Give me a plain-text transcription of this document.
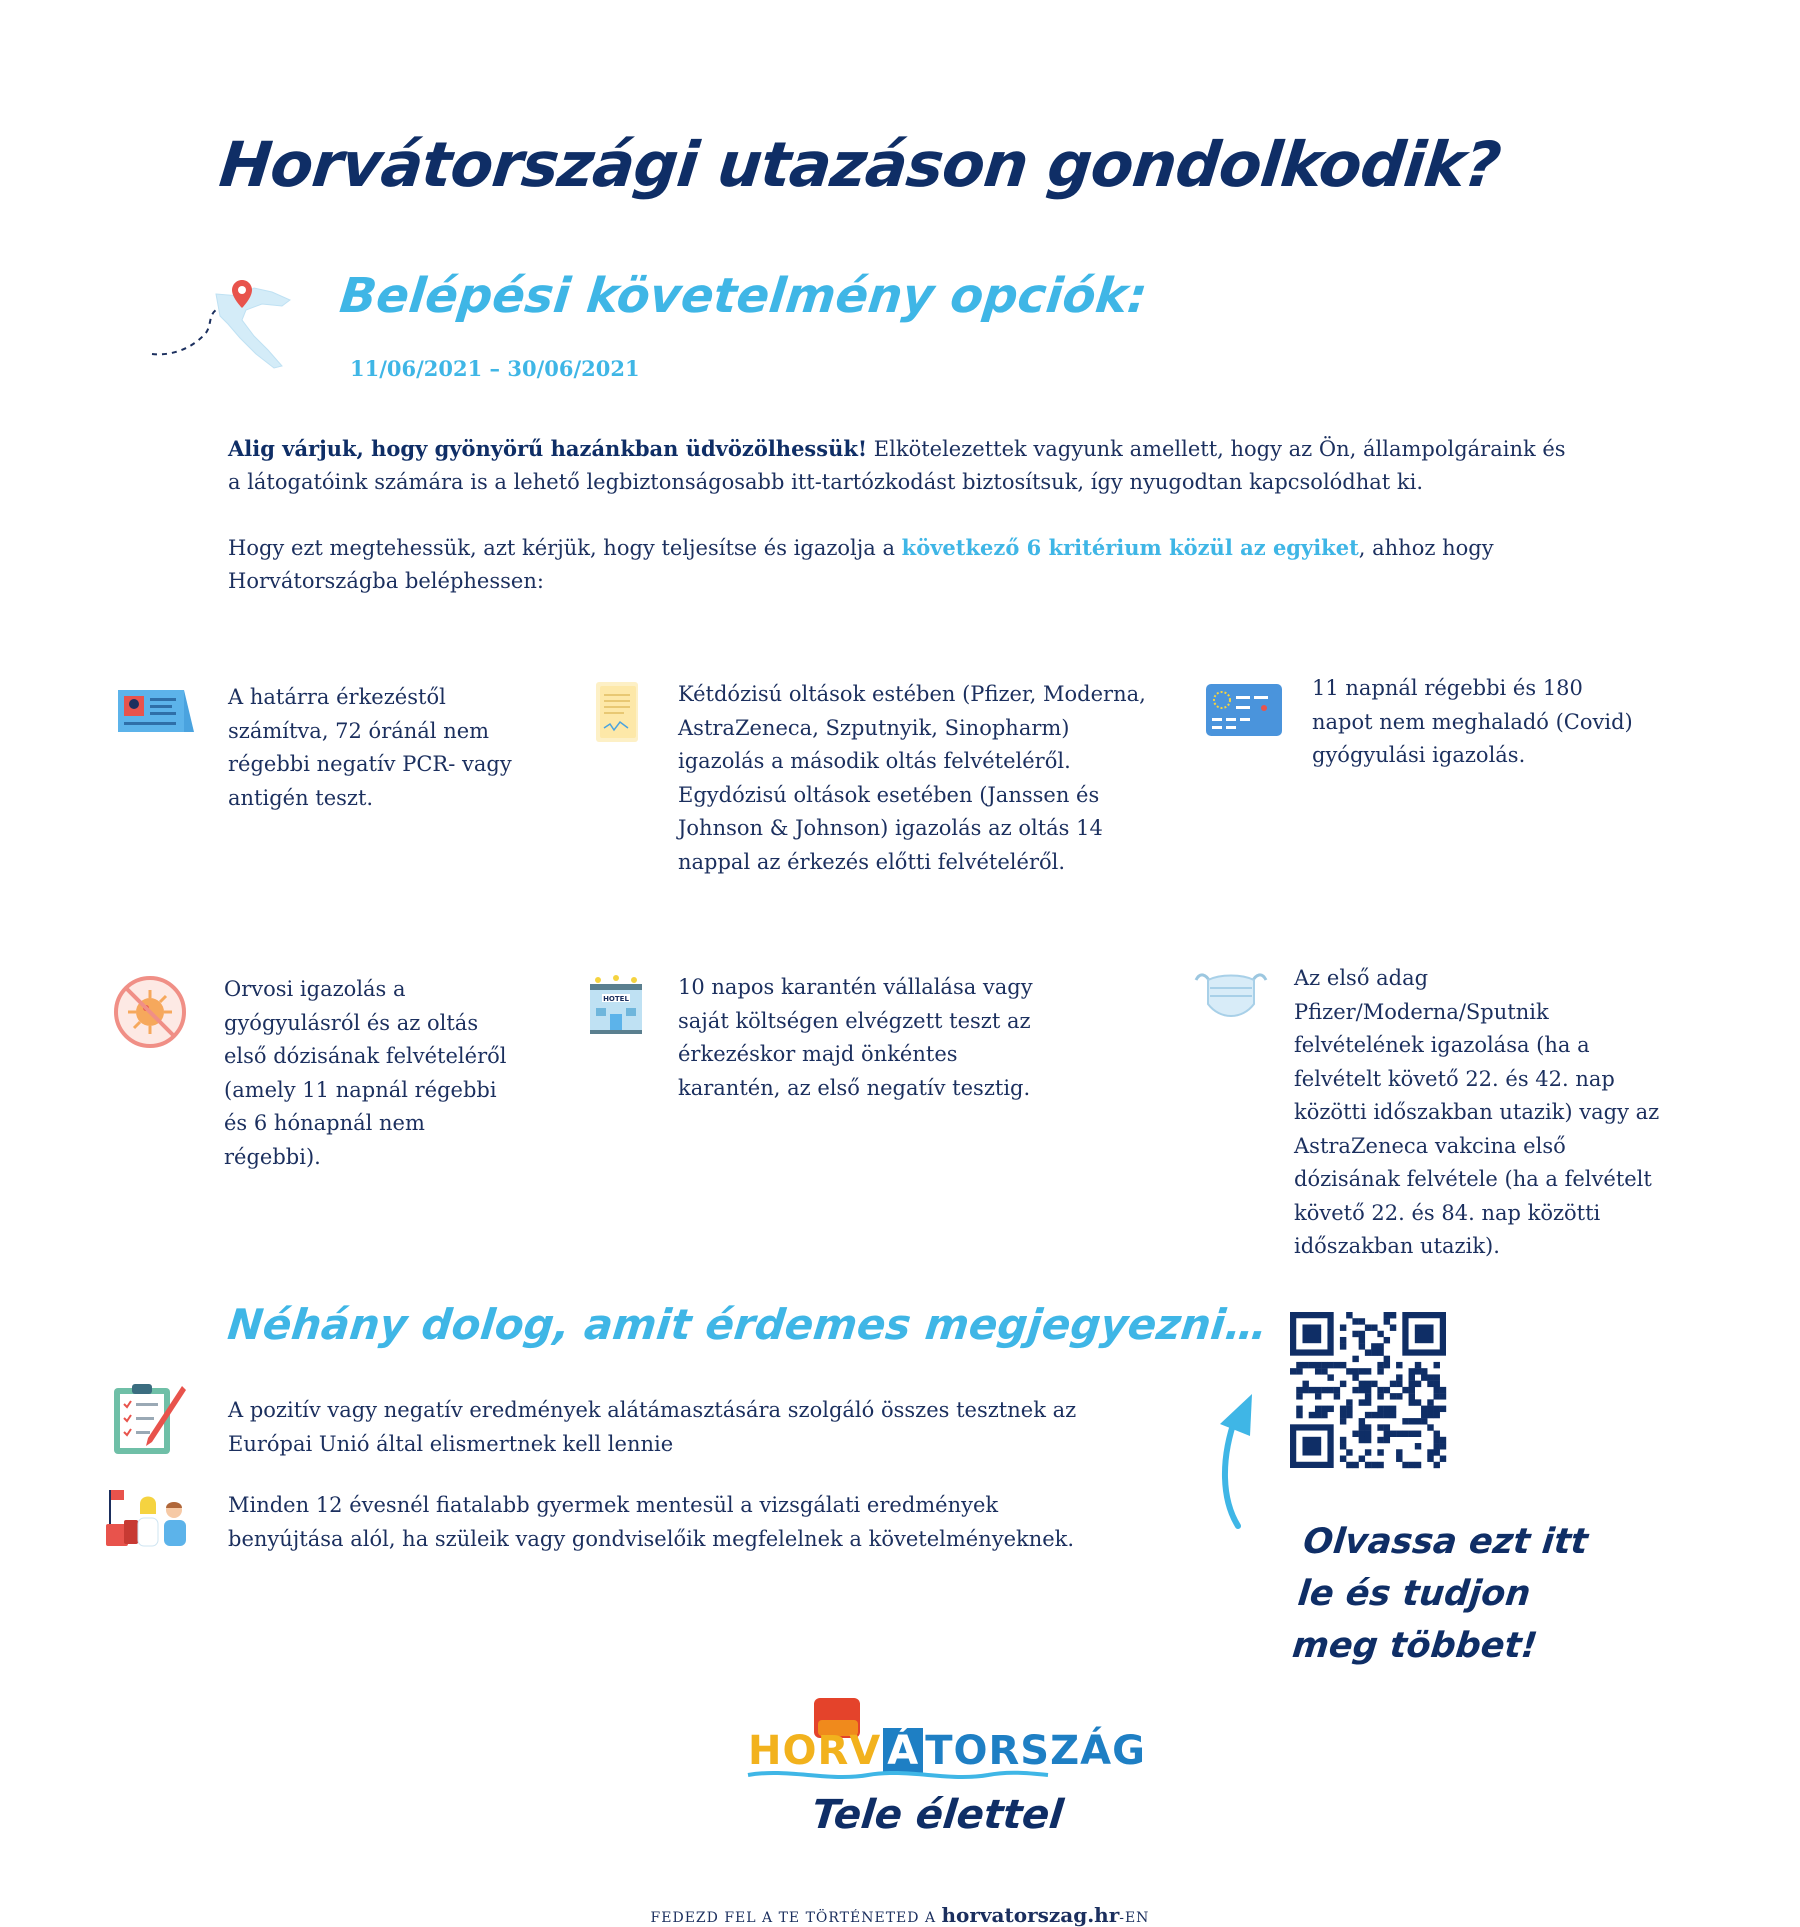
Horvátországi utazáson gondolkodik?
Belépési követelmény opciók:
11/06/2021 – 30/06/2021
Alig várjuk, hogy gyönyörű hazánkban üdvözölhessük! Elkötelezettek vagyunk amellett, hogy az Ön, állampolgáraink és a látogatóink számára is a lehető legbiztonságosabb itt-tartózkodást biztosítsuk, így nyugodtan kapcsolódhat ki.
Hogy ezt megtehessük, azt kérjük, hogy teljesítse és igazolja a következő 6 kritérium közül az egyiket, ahhoz hogy Horvátországba beléphessen:
A határra érkezéstől számítva, 72 óránál nem régebbi negatív PCR- vagy antigén teszt.
Kétdózisú oltások estében (Pfizer, Moderna, AstraZeneca, Szputnyik, Sinopharm) igazolás a második oltás felvételéről. Egydózisú oltások esetében (Janssen és Johnson & Johnson) igazolás az oltás 14 nappal az érkezés előtti felvételéről.
11 napnál régebbi és 180 napot nem meghaladó (Covid) gyógyulási igazolás.
Orvosi igazolás a gyógyulásról és az oltás első dózisának felvételéről (amely 11 napnál régebbi és 6 hónapnál nem régebbi).
HOTEL 10 napos karantén vállalása vagy saját költségen elvégzett teszt az érkezéskor majd önkéntes karantén, az első negatív tesztig.
Az első adag Pfizer/Moderna/Sputnik felvételének igazolása (ha a felvételt követő 22. és 42. nap közötti időszakban utazik) vagy az AstraZeneca vakcina első dózisának felvétele (ha a felvételt követő 22. és 84. nap közötti időszakban utazik).
Néhány dolog, amit érdemes megjegyezni…
A pozitív vagy negatív eredmények alátámasztására szolgáló összes tesztnek az Európai Unió által elismertnek kell lennie
Minden 12 évesnél fiatalabb gyermek mentesül a vizsgálati eredmények benyújtása alól, ha szüleik vagy gondviselőik megfelelnek a követelményeknek.	Olvassa ezt itt le és tudjon meg többet!
HORV Á TORSZÁG
Tele élettel
FEDEZD FEL A TE TÖRTÉNETED A horvatorszag.hr-EN
